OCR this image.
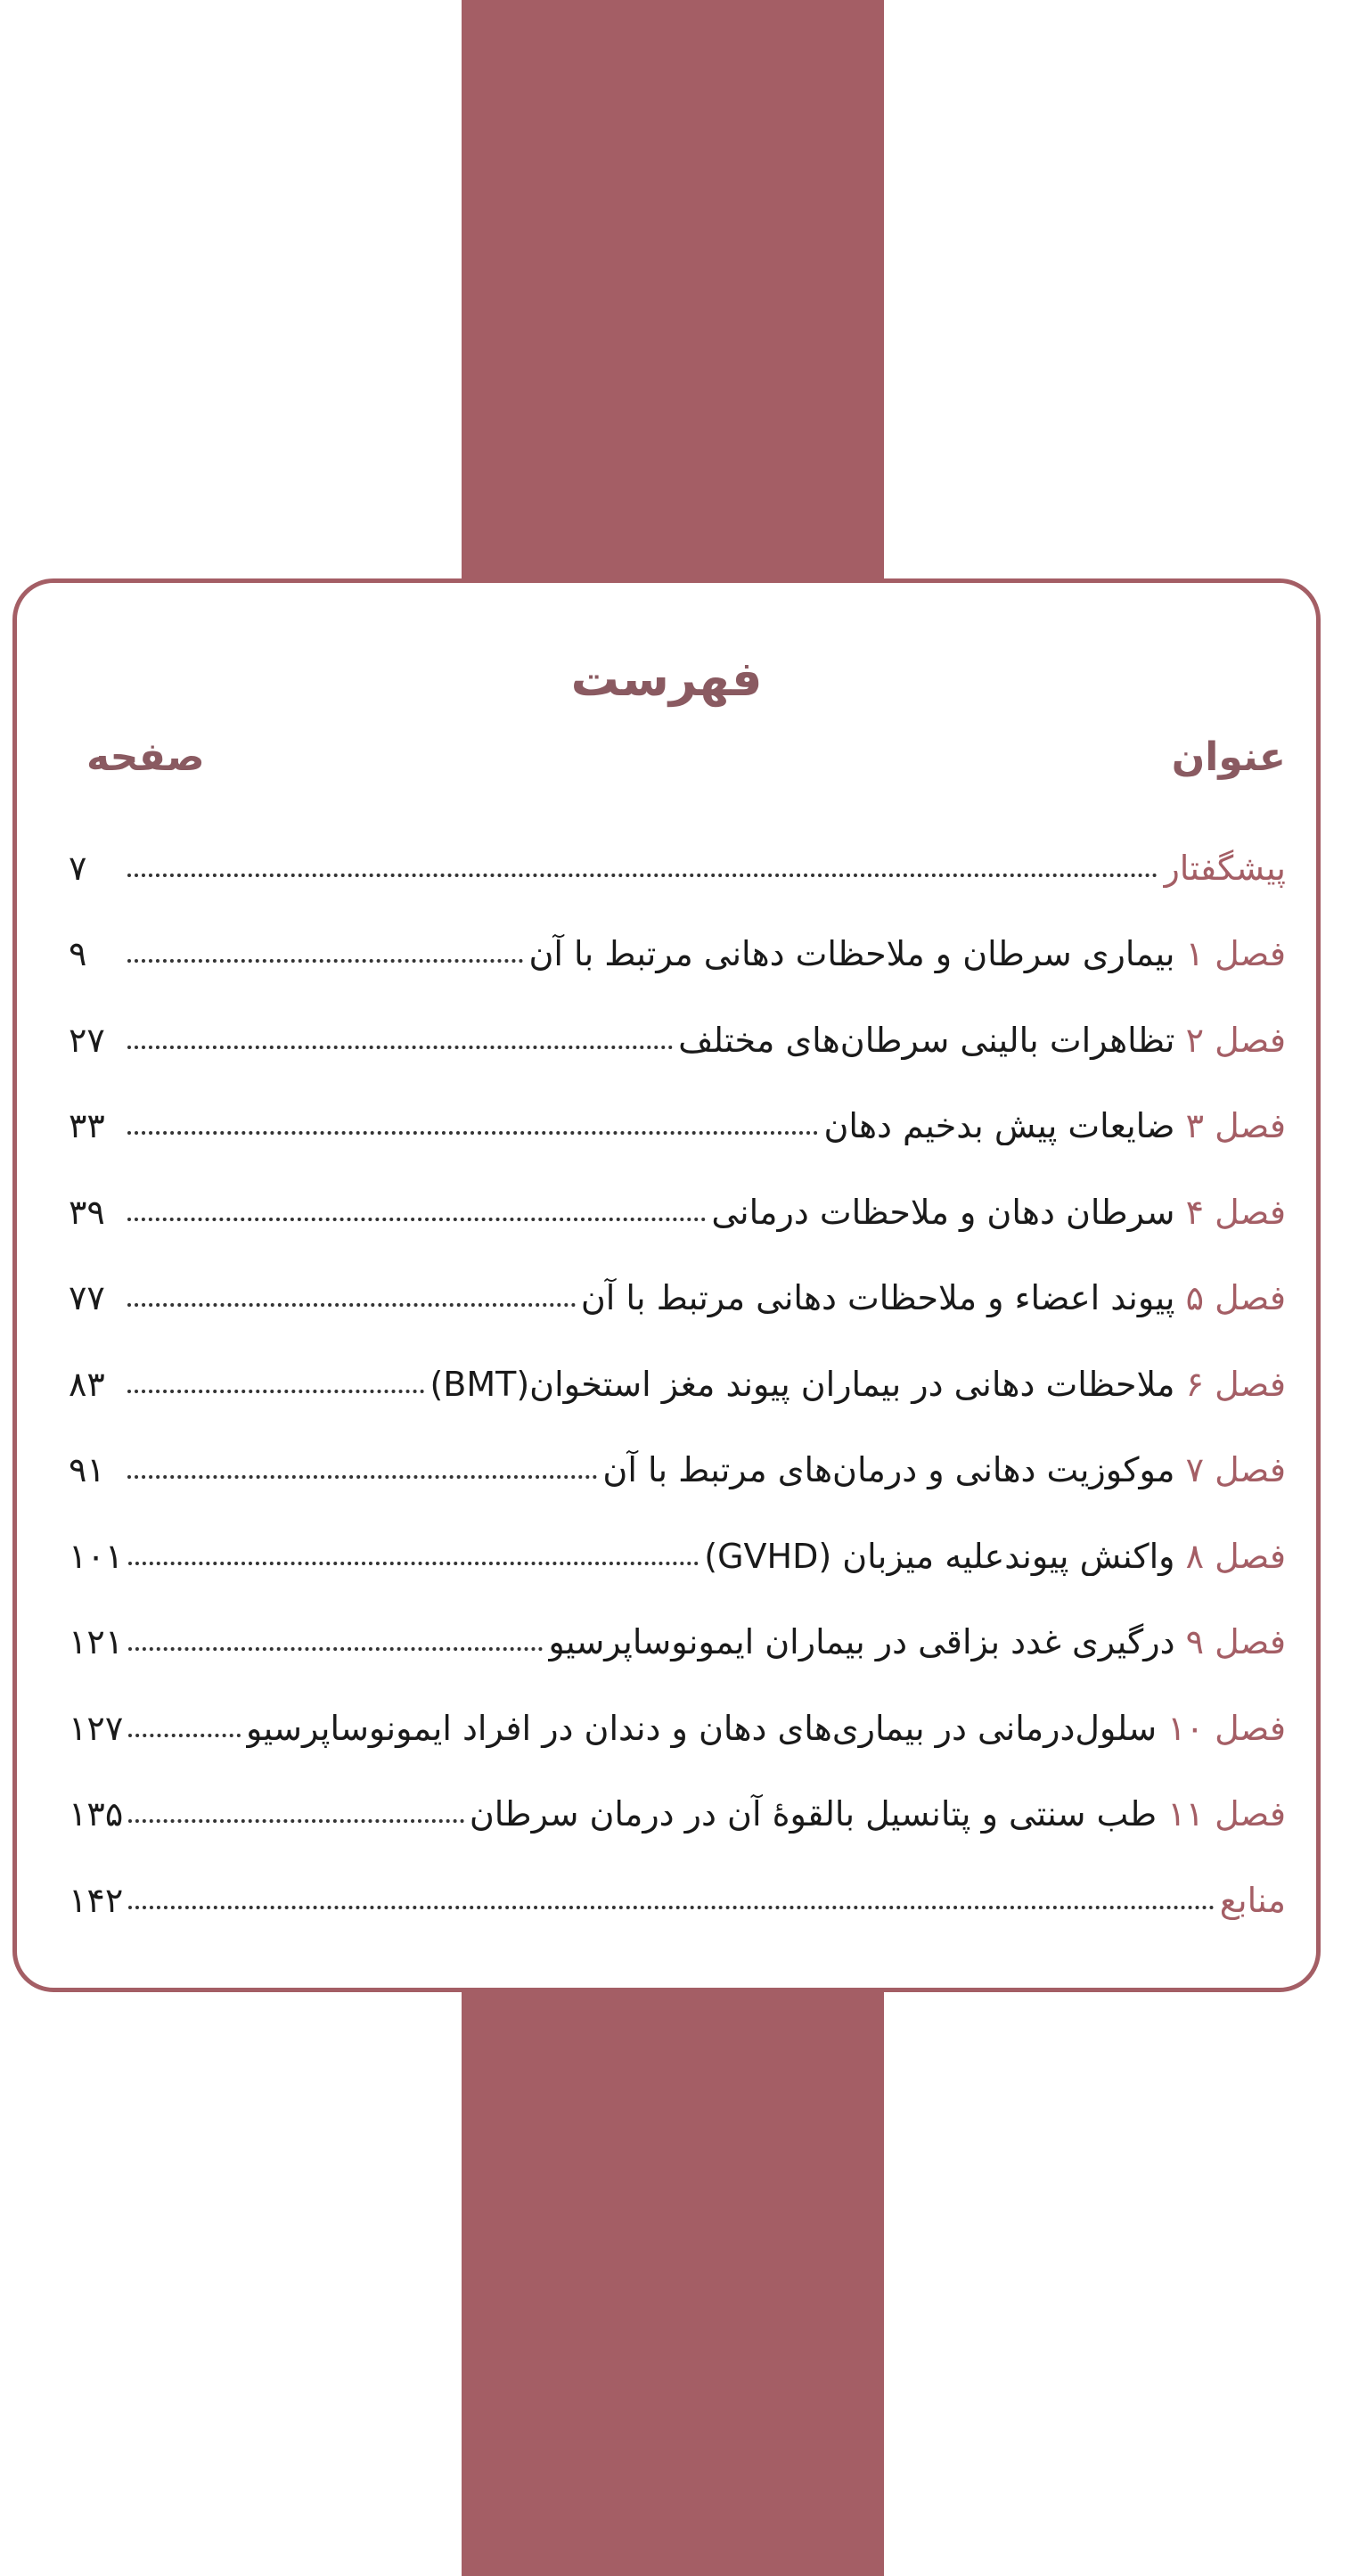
فهرست
عنوان
صفحه
پیشگفتار
۷
فصل ۱ بیماری سرطان و ملاحظات دهانی مرتبط با آن
۹
فصل ۲ تظاهرات بالینی سرطان‌های مختلف
۲۷
فصل ۳ ضایعات پیش بدخیم دهان
۳۳
فصل ۴ سرطان دهان و ملاحظات درمانی
۳۹
فصل ۵ پیوند اعضاء و ملاحظات دهانی مرتبط با آن
۷۷
فصل ۶ ملاحظات دهانی در بیماران پیوند مغز استخوان(BMT)
۸۳
فصل ۷ موکوزیت دهانی و درمان‌های مرتبط با آن
۹۱
فصل ۸ واکنش پیوندعلیه میزبان (GVHD)
۱۰۱
فصل ۹ درگیری غدد بزاقی در بیماران ایمونوساپرسیو
۱۲۱
فصل ۱۰ سلول‌درمانی در بیماری‌های دهان و دندان در افراد ایمونوساپرسیو
۱۲۷
فصل ۱۱ طب سنتی و پتانسیل بالقوهٔ آن در درمان سرطان
۱۳۵
منابع
۱۴۲
